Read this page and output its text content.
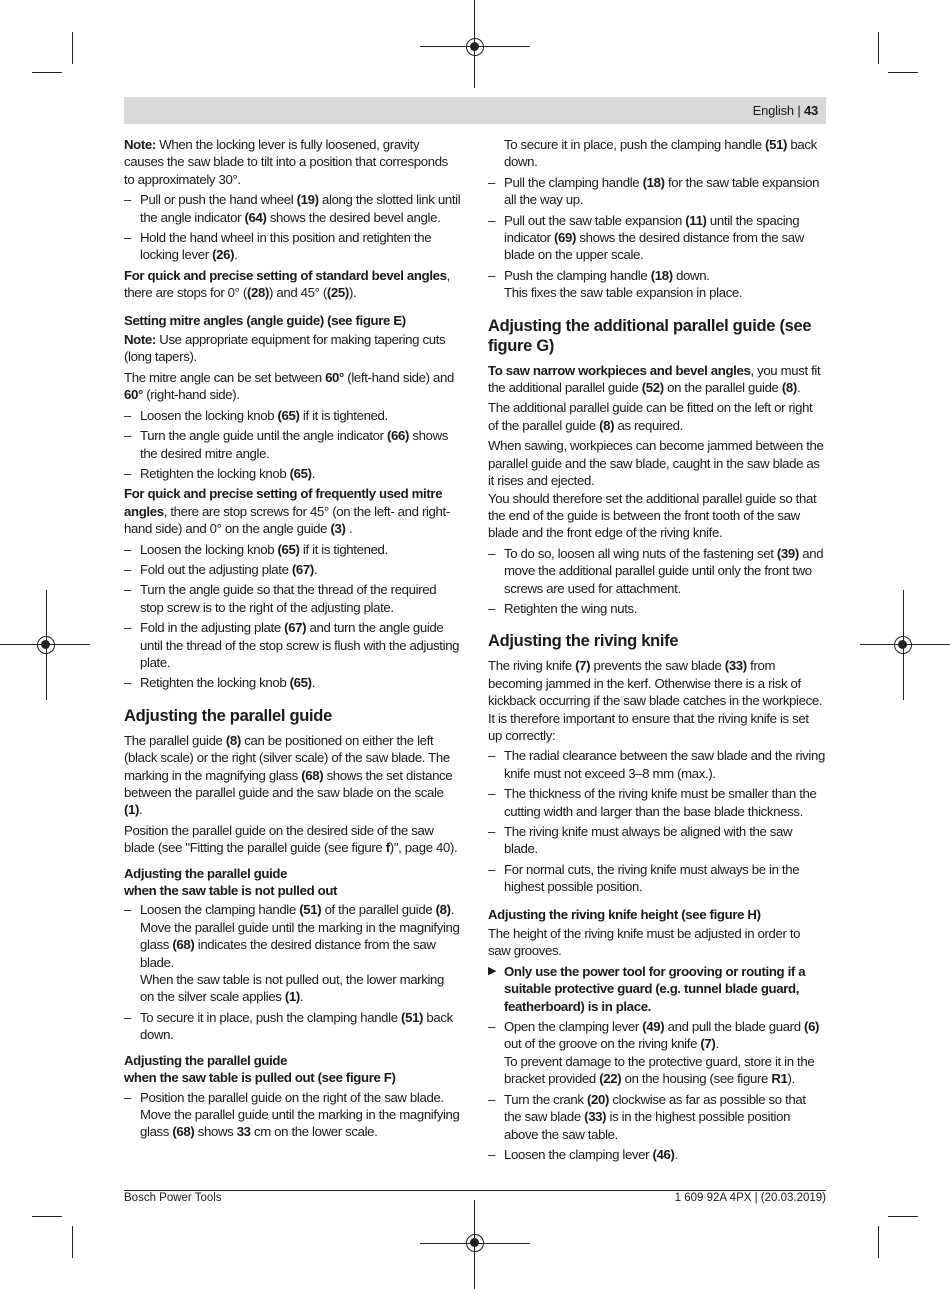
English | 43

Note: When the locking lever is fully loosened, gravity causes the saw blade to tilt into a position that corresponds to approximately 30°.

– Pull or push the hand wheel (19) along the slotted link until the angle indicator (64) shows the desired bevel angle.
– Hold the hand wheel in this position and retighten the locking lever (26).

For quick and precise setting of standard bevel angles, there are stops for 0° ((28)) and 45° ((25)).

Setting mitre angles (angle guide) (see figure E)

Note: Use appropriate equipment for making tapering cuts (long tapers).

The mitre angle can be set between 60° (left-hand side) and 60° (right-hand side).

– Loosen the locking knob (65) if it is tightened.
– Turn the angle guide until the angle indicator (66) shows the desired mitre angle.
– Retighten the locking knob (65).

For quick and precise setting of frequently used mitre angles, there are stop screws for 45° (on the left- and right-hand side) and 0° on the angle guide (3) .

– Loosen the locking knob (65) if it is tightened.
– Fold out the adjusting plate (67).
– Turn the angle guide so that the thread of the required stop screw is to the right of the adjusting plate.
– Fold in the adjusting plate (67) and turn the angle guide until the thread of the stop screw is flush with the adjusting plate.
– Retighten the locking knob (65).
Adjusting the parallel guide

The parallel guide (8) can be positioned on either the left (black scale) or the right (silver scale) of the saw blade. The marking in the magnifying glass (68) shows the set distance between the parallel guide and the saw blade on the scale (1).

Position the parallel guide on the desired side of the saw blade (see "Fitting the parallel guide (see figure f)", page 40).

Adjusting the parallel guide
when the saw table is not pulled out
– Loosen the clamping handle (51) of the parallel guide (8). Move the parallel guide until the marking in the magnifying glass (68) indicates the desired distance from the saw blade.
When the saw table is not pulled out, the lower marking on the silver scale applies (1).
– To secure it in place, push the clamping handle (51) back down.
Adjusting the parallel guide
when the saw table is pulled out (see figure F)
– Position the parallel guide on the right of the saw blade. Move the parallel guide until the marking in the magnifying glass (68) shows 33 cm on the lower scale.
To secure it in place, push the clamping handle (51) back down.
– Pull the clamping handle (18) for the saw table expansion all the way up.
– Pull out the saw table expansion (11) until the spacing indicator (69) shows the desired distance from the saw blade on the upper scale.
– Push the clamping handle (18) down.
This fixes the saw table expansion in place.
Adjusting the additional parallel guide (see figure G)

To saw narrow workpieces and bevel angles, you must fit the additional parallel guide (52) on the parallel guide (8).

The additional parallel guide can be fitted on the left or right of the parallel guide (8) as required.

When sawing, workpieces can become jammed between the parallel guide and the saw blade, caught in the saw blade as it rises and ejected.

You should therefore set the additional parallel guide so that the end of the guide is between the front tooth of the saw blade and the front edge of the riving knife.

– To do so, loosen all wing nuts of the fastening set (39) and move the additional parallel guide until only the front two screws are used for attachment.
– Retighten the wing nuts.
Adjusting the riving knife

The riving knife (7) prevents the saw blade (33) from becoming jammed in the kerf. Otherwise there is a risk of kickback occurring if the saw blade catches in the workpiece.

It is therefore important to ensure that the riving knife is set up correctly:

– The radial clearance between the saw blade and the riving knife must not exceed 3–8 mm (max.).
– The thickness of the riving knife must be smaller than the cutting width and larger than the base blade thickness.
– The riving knife must always be aligned with the saw blade.
– For normal cuts, the riving knife must always be in the highest possible position.
Adjusting the riving knife height (see figure H)

The height of the riving knife must be adjusted in order to saw grooves.

▶ Only use the power tool for grooving or routing if a suitable protective guard (e.g. tunnel blade guard, featherboard) is in place.
– Open the clamping lever (49) and pull the blade guard (6) out of the groove on the riving knife (7).
To prevent damage to the protective guard, store it in the bracket provided (22) on the housing (see figure R1).
– Turn the crank (20) clockwise as far as possible so that the saw blade (33) is in the highest possible position above the saw table.
– Loosen the clamping lever (46).
Bosch Power Tools	1 609 92A 4PX | (20.03.2019)
